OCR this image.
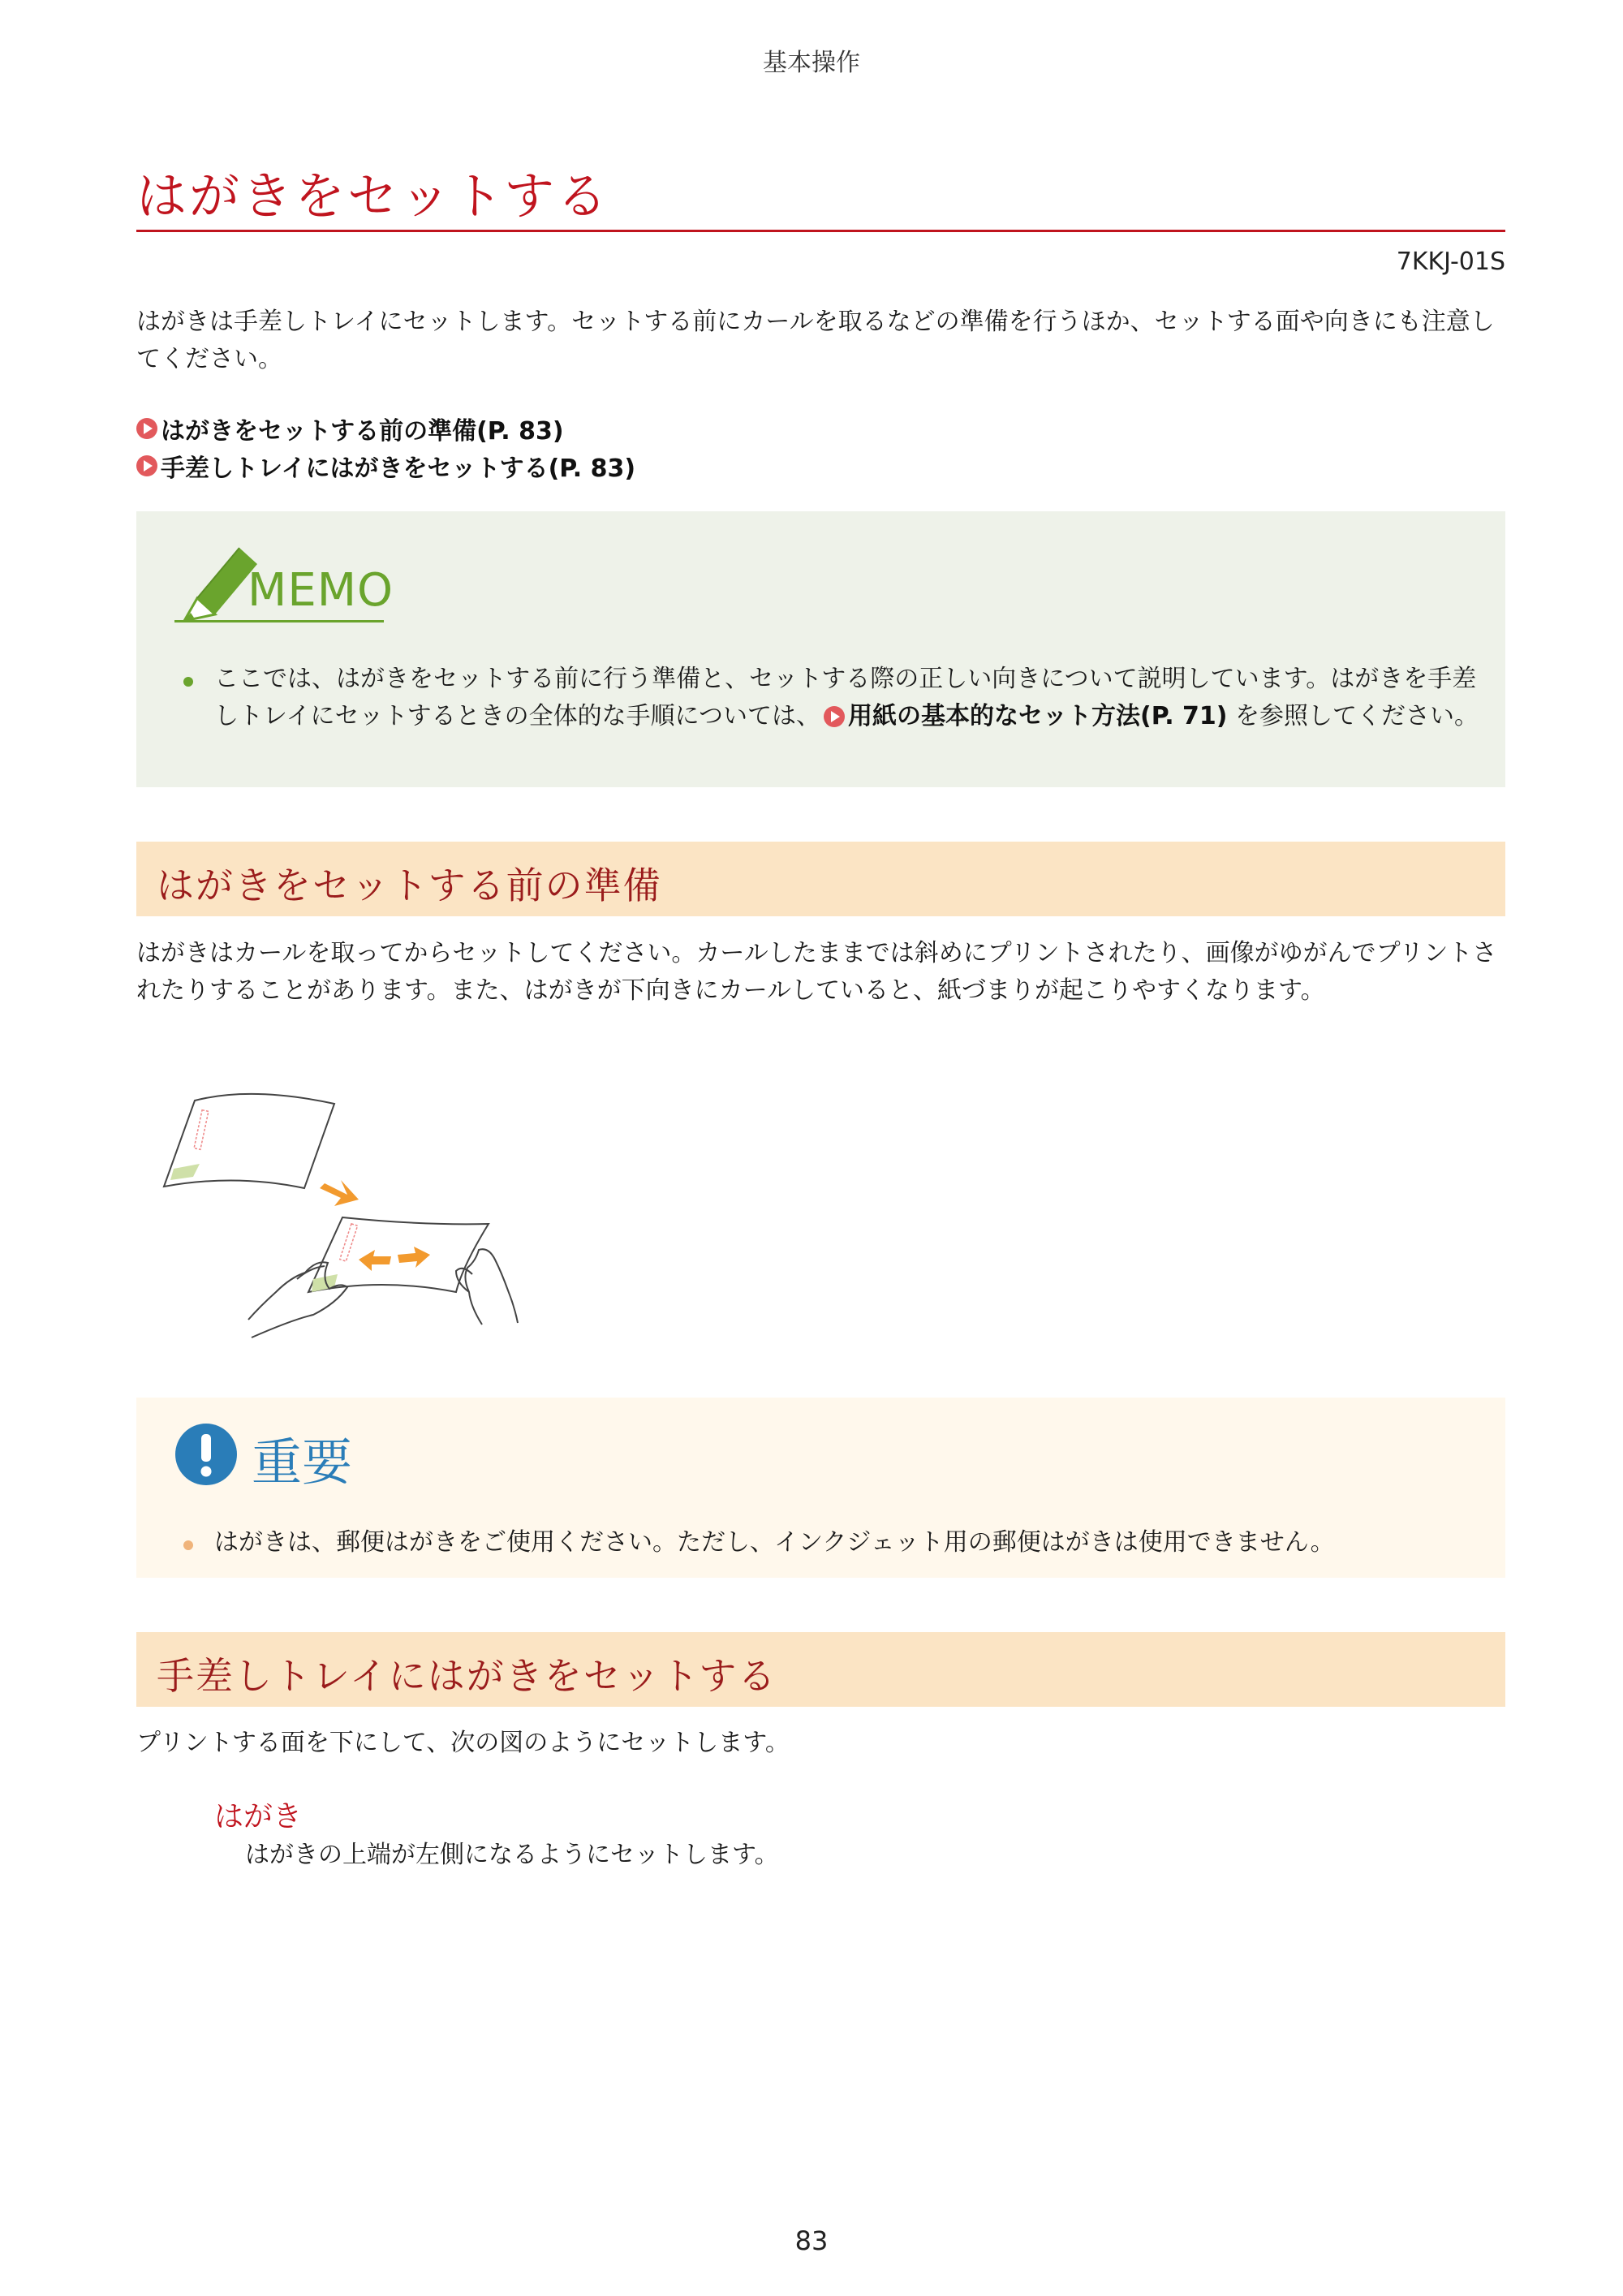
基本操作
はがきをセットする
7KKJ-01S
はがきは手差しトレイにセットします。セットする前にカールを取るなどの準備を行うほか、セットする面や向きにも注意してください。
はがきをセットする前の準備(P. 83)
手差しトレイにはがきをセットする(P. 83)
MEMO
ここでは、はがきをセットする前に行う準備と、セットする際の正しい向きについて説明しています。はがきを手差しトレイにセットするときの全体的な手順については、 用紙の基本的なセット方法(P. 71) を参照してください。
はがきをセットする前の準備
はがきはカールを取ってからセットしてください。カールしたままでは斜めにプリントされたり、画像がゆがんでプリントされたりすることがあります。また、はがきが下向きにカールしていると、紙づまりが起こりやすくなります。
重要
はがきは、郵便はがきをご使用ください。ただし、インクジェット用の郵便はがきは使用できません。
手差しトレイにはがきをセットする
プリントする面を下にして、次の図のようにセットします。
はがき
はがきの上端が左側になるようにセットします。
83
